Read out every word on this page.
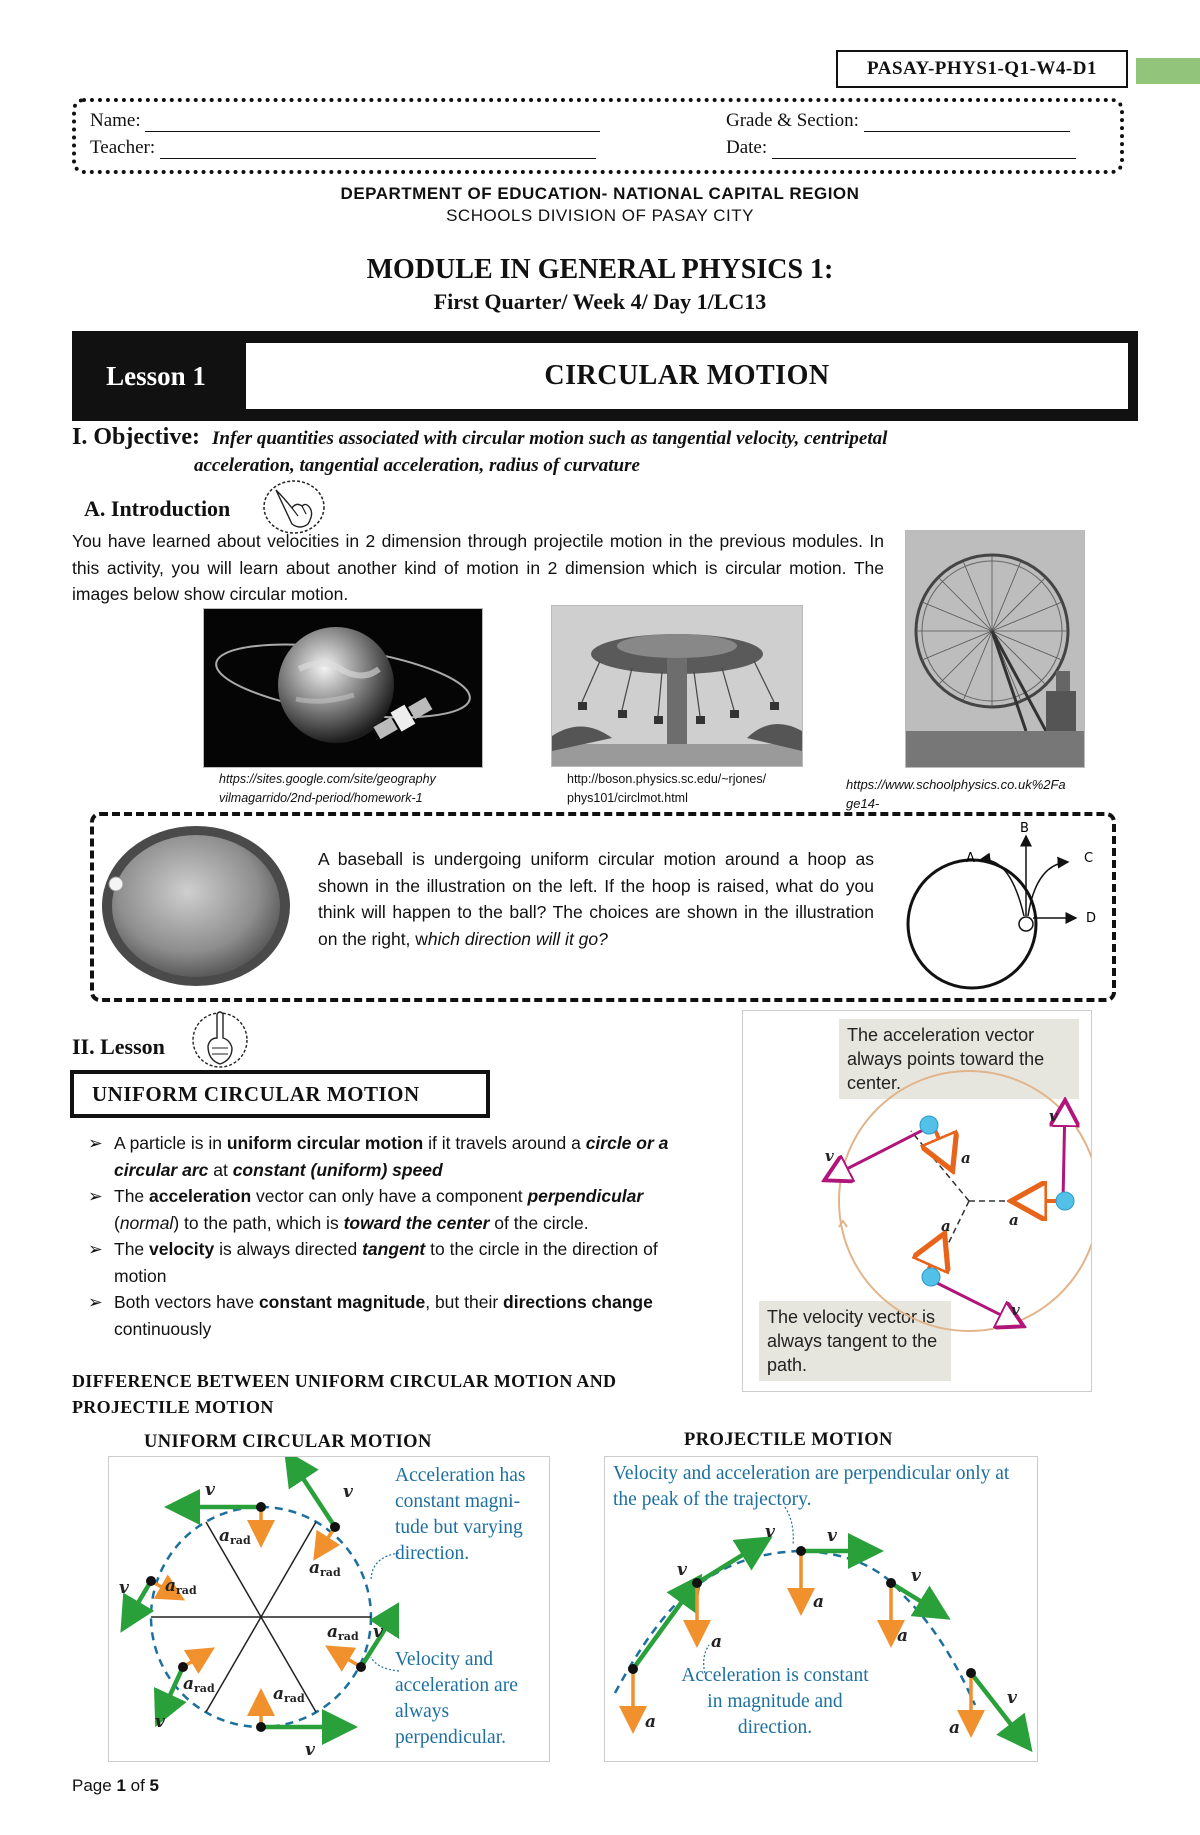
PASAY-PHYS1-Q1-W4-D1
Name:
Teacher:
Grade & Section:
Date:
DEPARTMENT OF EDUCATION- NATIONAL CAPITAL REGION
SCHOOLS DIVISION OF PASAY CITY
MODULE IN GENERAL PHYSICS 1:
First Quarter/ Week 4/ Day 1/LC13
Lesson 1	CIRCULAR MOTION
I. Objective: Infer quantities associated with circular motion such as tangential velocity, centripetal
acceleration, tangential acceleration, radius of curvature
A. Introduction
You have learned about velocities in 2 dimension through projectile motion in the previous modules. In this activity, you will learn about another kind of motion in 2 dimension which is circular motion. The images below show circular motion.
https://sites.google.com/site/geography
vilmagarrido/2nd-period/homework-1
http://boson.physics.sc.edu/~rjones/
phys101/circlmot.html
https://www.schoolphysics.co.uk%2Fa
ge14-
A baseball is undergoing uniform circular motion around a hoop as shown in the illustration on the left. If the hoop is raised, what do you think will happen to the ball? The choices are shown in the illustration on the right, which direction will it go?
A
B
C
D
II. Lesson
UNIFORM CIRCULAR MOTION
➢ A particle is in uniform circular motion if it travels around a circle or a circular arc at constant (uniform) speed
➢ The acceleration vector can only have a component perpendicular (normal) to the path, which is toward the center of the circle.
➢ The velocity is always directed tangent to the circle in the direction of motion
➢ Both vectors have constant magnitude, but their directions change continuously
The acceleration vector always points toward the center.
The velocity vector is always tangent to the path.
v
v
v
a
a
a
DIFFERENCE BETWEEN UNIFORM CIRCULAR MOTION AND PROJECTILE MOTION
UNIFORM CIRCULAR MOTION	PROJECTILE MOTION
Acceleration has constant magni- tude but varying direction.
Velocity and acceleration are always perpendicular.
v	v
v
v
v
v
arad
arad
arad
arad
arad	arad
Velocity and acceleration are perpendicular only at the peak of the trajectory.
Acceleration is constant in magnitude and direction.
v
v	v
v
v
a
a
a
a
a
Page 1 of 5
